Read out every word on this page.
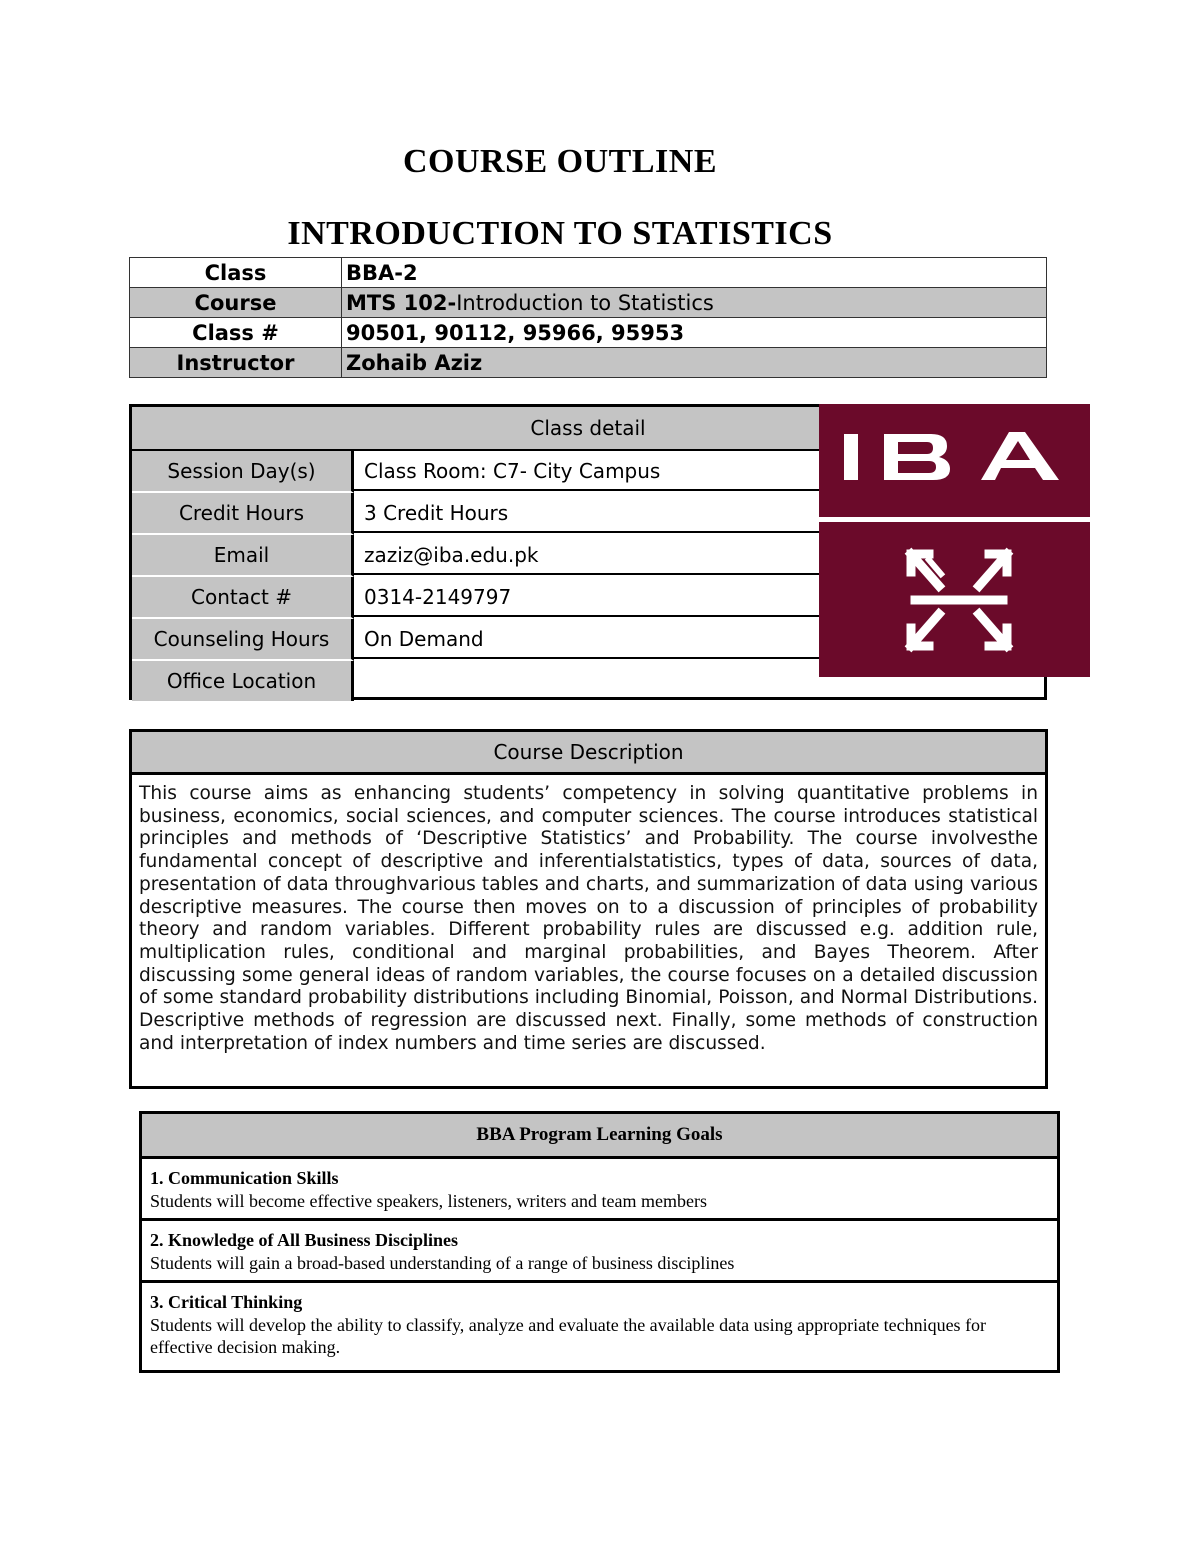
COURSE OUTLINE
INTRODUCTION TO STATISTICS
Class	BBA-2
Course	MTS 102-Introduction to Statistics
Class #	90501, 90112, 95966, 95953
Instructor	Zohaib Aziz
Class detail
Session Day(s)	Class Room: C7- City Campus
Credit Hours	3 Credit Hours
Email	zaziz@iba.edu.pk
Contact #	0314-2149797
Counseling Hours	On Demand
Office Location
Course Description
This course aims as enhancing students’ competency in solving quantitative problems in business, economics, social sciences, and computer sciences. The course introduces statistical principles and methods of ‘Descriptive Statistics’ and Probability. The course involvesthe fundamental concept of descriptive and inferentialstatistics, types of data, sources of data, presentation of data throughvarious tables and charts, and summarization of data using various descriptive measures. The course then moves on to a discussion of principles of probability theory and random variables. Different probability rules are discussed e.g. addition rule, multiplication rules, conditional and marginal probabilities, and Bayes Theorem. After discussing some general ideas of random variables, the course focuses on a detailed discussion of some standard probability distributions including Binomial, Poisson, and Normal Distributions. Descriptive methods of regression are discussed next. Finally, some methods of construction and interpretation of index numbers and time series are discussed.
BBA Program Learning Goals
1. Communication Skills
Students will become effective speakers, listeners, writers and team members
2. Knowledge of All Business Disciplines
Students will gain a broad-based understanding of a range of business disciplines
3. Critical Thinking
Students will develop the ability to classify, analyze and evaluate the available data using appropriate techniques for effective decision making.
